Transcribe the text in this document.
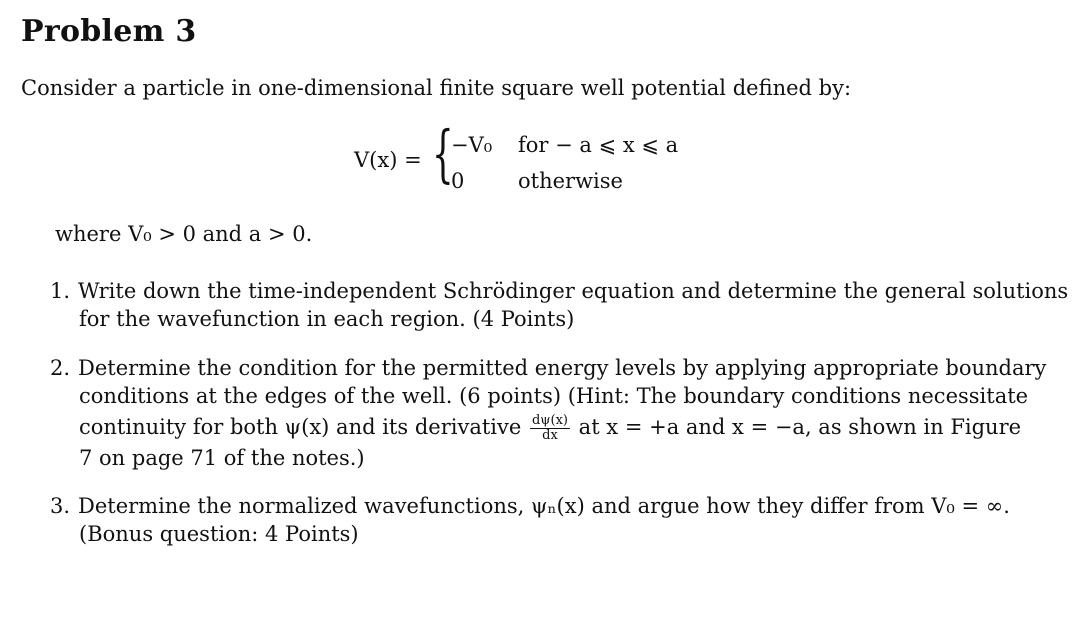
Problem 3
Consider a particle in one-dimensional finite square well potential defined by:
V(x) = {
−V₀ for − a ⩽ x ⩽ a
0	otherwise
where V₀ > 0 and a > 0.
1. Write down the time-independent Schrödinger equation and determine the general solutions
for the wavefunction in each region. (4 Points)
2. Determine the condition for the permitted energy levels by applying appropriate boundary
conditions at the edges of the well. (6 points) (Hint: The boundary conditions necessitate
continuity for both ψ(x) and its derivative $\frac{d\psi(x)}{dx}$ at x = +a and x = −a, as shown in Figure
7 on page 71 of the notes.)
3. Determine the normalized wavefunctions, ψₙ(x) and argue how they differ from V₀ = ∞.
(Bonus question: 4 Points)
